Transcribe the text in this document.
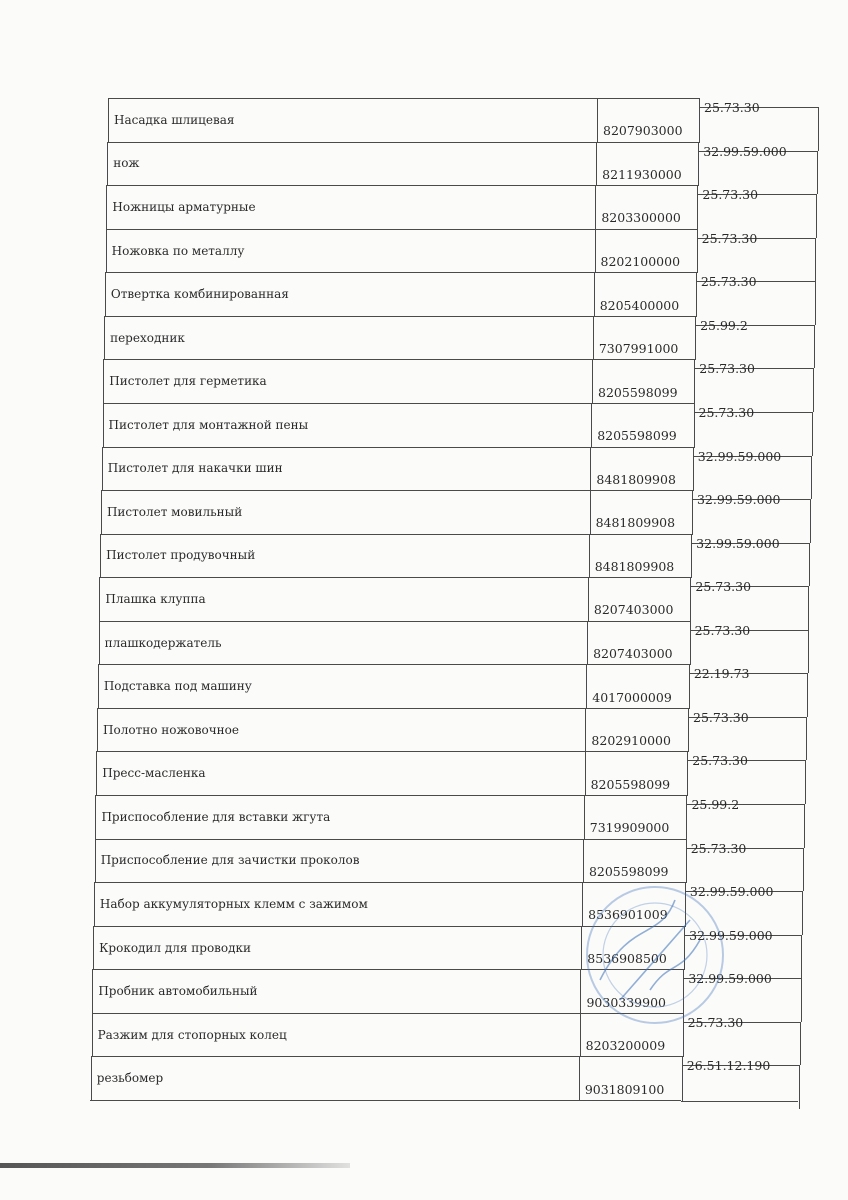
Насадка шлицевая
8207903000
25.73.30
нож
8211930000
32.99.59.000
Ножницы арматурные
8203300000
25.73.30
Ножовка по металлу
8202100000
25.73.30
Отвертка комбинированная
8205400000
25.73.30
переходник
7307991000
25.99.2
Пистолет для герметика
8205598099
25.73.30
Пистолет для монтажной пены
8205598099
25.73.30
Пистолет для накачки шин
8481809908
32.99.59.000
Пистолет мовильный
8481809908
32.99.59.000
Пистолет продувочный
8481809908
32.99.59.000
Плашка клуппа
8207403000
25.73.30
плашкодержатель
8207403000
25.73.30
Подставка под машину
4017000009
22.19.73
Полотно ножовочное
8202910000
25.73.30
Пресс-масленка
8205598099
25.73.30
Приспособление для вставки жгута
7319909000
25.99.2
Приспособление для зачистки проколов
8205598099
25.73.30
Набор аккумуляторных клемм с зажимом
8536901009
32.99.59.000
Крокодил для проводки
8536908500
32.99.59.000
Пробник автомобильный
9030339900
32.99.59.000
Разжим для стопорных колец
8203200009
25.73.30
резьбомер
9031809100
26.51.12.190
